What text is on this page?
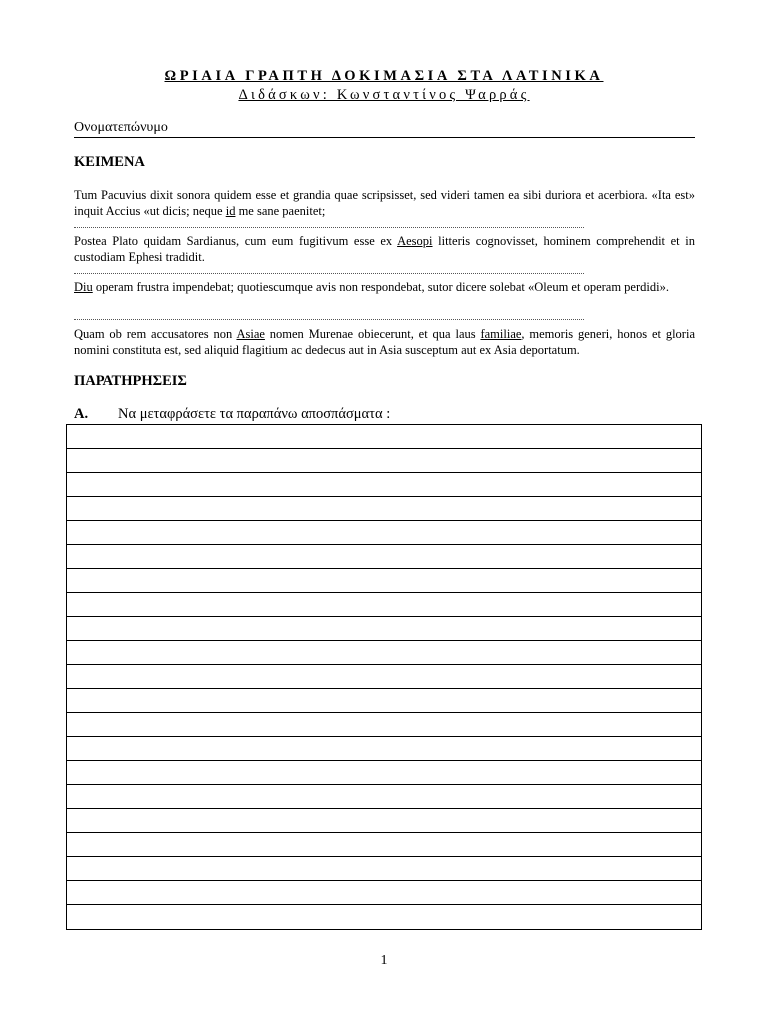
ΩΡΙΑΙΑ ΓΡΑΠΤΗ ΔΟΚΙΜΑΣΙΑ ΣΤΑ ΛΑΤΙΝΙΚΑ
Διδάσκων: Κωνσταντίνος Ψαρράς
Ονοματεπώνυμο
ΚΕΙΜΕΝΑ
Tum Pacuvius dixit sonora quidem esse et grandia quae scripsisset, sed videri tamen ea sibi duriora et acerbiora. «Ita est» inquit Accius «ut dicis; neque id me sane paenitet;
Postea Plato quidam Sardianus, cum eum fugitivum esse ex Aesopi litteris cognovisset, hominem comprehendit et in custodiam Ephesi tradidit.
Diu operam frustra impendebat; quotiescumque avis non respondebat, sutor dicere solebat «Oleum et operam perdidi».
Quam ob rem accusatores non Asiae nomen Murenae obiecerunt, et qua laus familiae, memoris generi, honos et gloria nomini constituta est, sed aliquid flagitium ac dedecus aut in Asia susceptum aut ex Asia deportatum.
ΠΑΡΑΤΗΡΗΣΕΙΣ
A. Να μεταφράσετε τα παραπάνω αποσπάσματα :
1
